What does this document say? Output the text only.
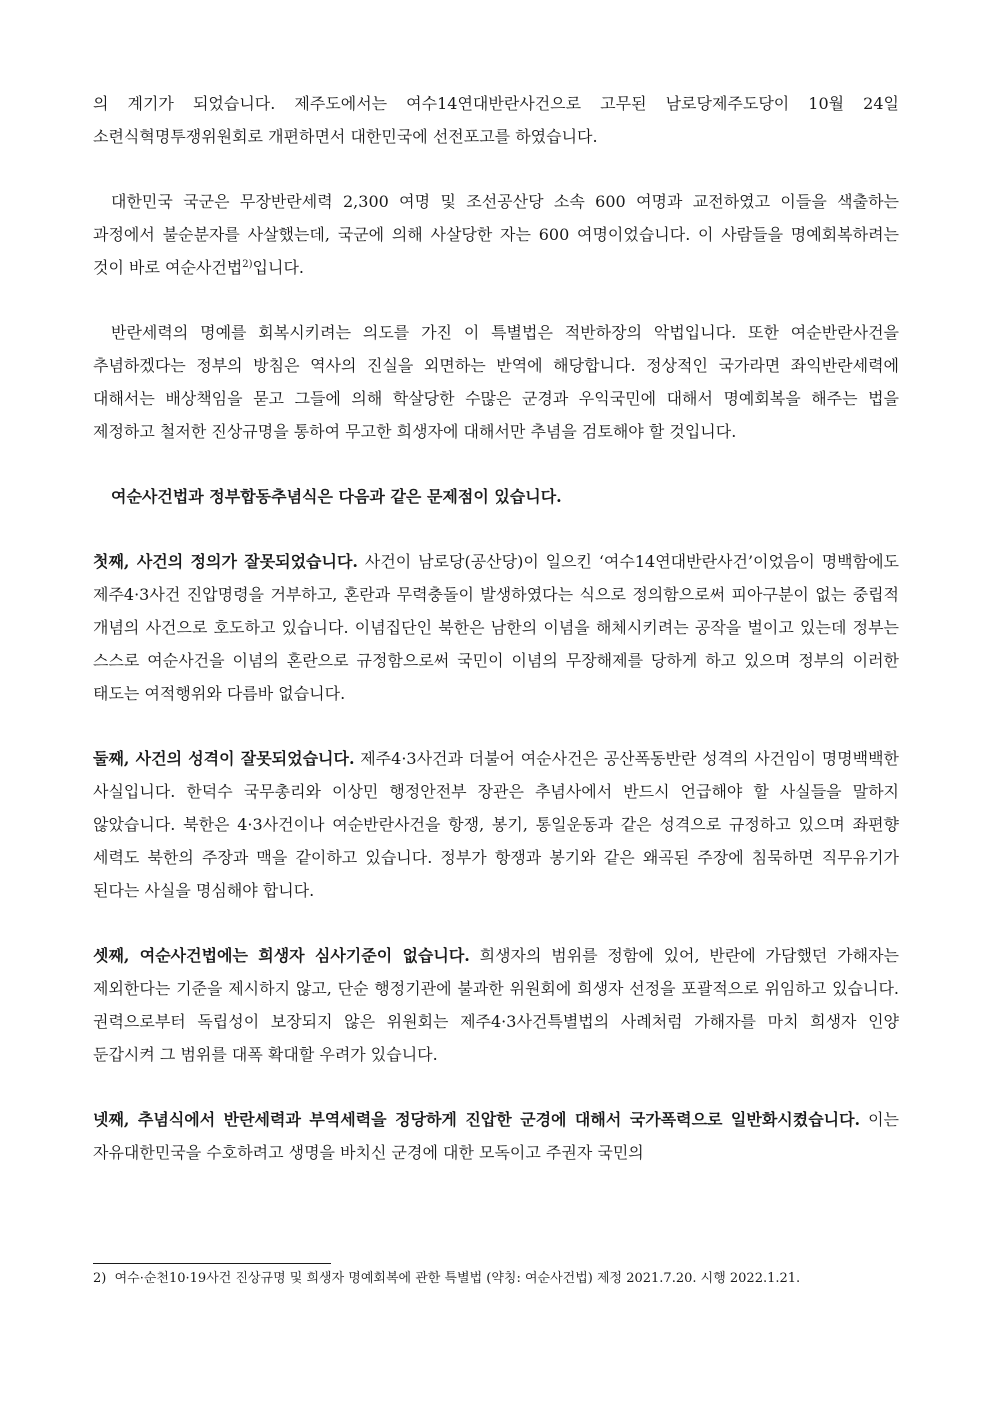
의 계기가 되었습니다. 제주도에서는 여수14연대반란사건으로 고무된 남로당제주도당이 10월 24일 소련식혁명투쟁위원회로 개편하면서 대한민국에 선전포고를 하였습니다.

대한민국 국군은 무장반란세력 2,300 여명 및 조선공산당 소속 600 여명과 교전하였고 이들을 색출하는 과정에서 불순분자를 사살했는데, 국군에 의해 사살당한 자는 600 여명이었습니다. 이 사람들을 명예회복하려는 것이 바로 여순사건법$^{2)}$입니다.

반란세력의 명예를 회복시키려는 의도를 가진 이 특별법은 적반하장의 악법입니다. 또한 여순반란사건을 추념하겠다는 정부의 방침은 역사의 진실을 외면하는 반역에 해당합니다. 정상적인 국가라면 좌익반란세력에 대해서는 배상책임을 묻고 그들에 의해 학살당한 수많은 군경과 우익국민에 대해서 명예회복을 해주는 법을 제정하고 철저한 진상규명을 통하여 무고한 희생자에 대해서만 추념을 검토해야 할 것입니다.

여순사건법과 정부합동추념식은 다음과 같은 문제점이 있습니다.

첫째, 사건의 정의가 잘못되었습니다. 사건이 남로당(공산당)이 일으킨 ‘여수14연대반란사건’이었음이 명백함에도 제주4·3사건 진압명령을 거부하고, 혼란과 무력충돌이 발생하였다는 식으로 정의함으로써 피아구분이 없는 중립적 개념의 사건으로 호도하고 있습니다. 이념집단인 북한은 남한의 이념을 해체시키려는 공작을 벌이고 있는데 정부는 스스로 여순사건을 이념의 혼란으로 규정함으로써 국민이 이념의 무장해제를 당하게 하고 있으며 정부의 이러한 태도는 여적행위와 다름바 없습니다.

둘째, 사건의 성격이 잘못되었습니다. 제주4·3사건과 더불어 여순사건은 공산폭동반란 성격의 사건임이 명명백백한 사실입니다. 한덕수 국무총리와 이상민 행정안전부 장관은 추념사에서 반드시 언급해야 할 사실들을 말하지 않았습니다. 북한은 4·3사건이나 여순반란사건을 항쟁, 봉기, 통일운동과 같은 성격으로 규정하고 있으며 좌편향 세력도 북한의 주장과 맥을 같이하고 있습니다. 정부가 항쟁과 봉기와 같은 왜곡된 주장에 침묵하면 직무유기가 된다는 사실을 명심해야 합니다.

셋째, 여순사건법에는 희생자 심사기준이 없습니다. 희생자의 범위를 정함에 있어, 반란에 가담했던 가해자는 제외한다는 기준을 제시하지 않고, 단순 행정기관에 불과한 위원회에 희생자 선정을 포괄적으로 위임하고 있습니다. 권력으로부터 독립성이 보장되지 않은 위원회는 제주4·3사건특별법의 사례처럼 가해자를 마치 희생자 인양 둔갑시켜 그 범위를 대폭 확대할 우려가 있습니다.

넷째, 추념식에서 반란세력과 부역세력을 정당하게 진압한 군경에 대해서 국가폭력으로 일반화시켰습니다. 이는 자유대한민국을 수호하려고 생명을 바치신 군경에 대한 모독이고 주권자 국민의

2) 여수·순천10·19사건 진상규명 및 희생자 명예회복에 관한 특별법 (약칭: 여순사건법) 제정 2021.7.20. 시행 2022.1.21.
